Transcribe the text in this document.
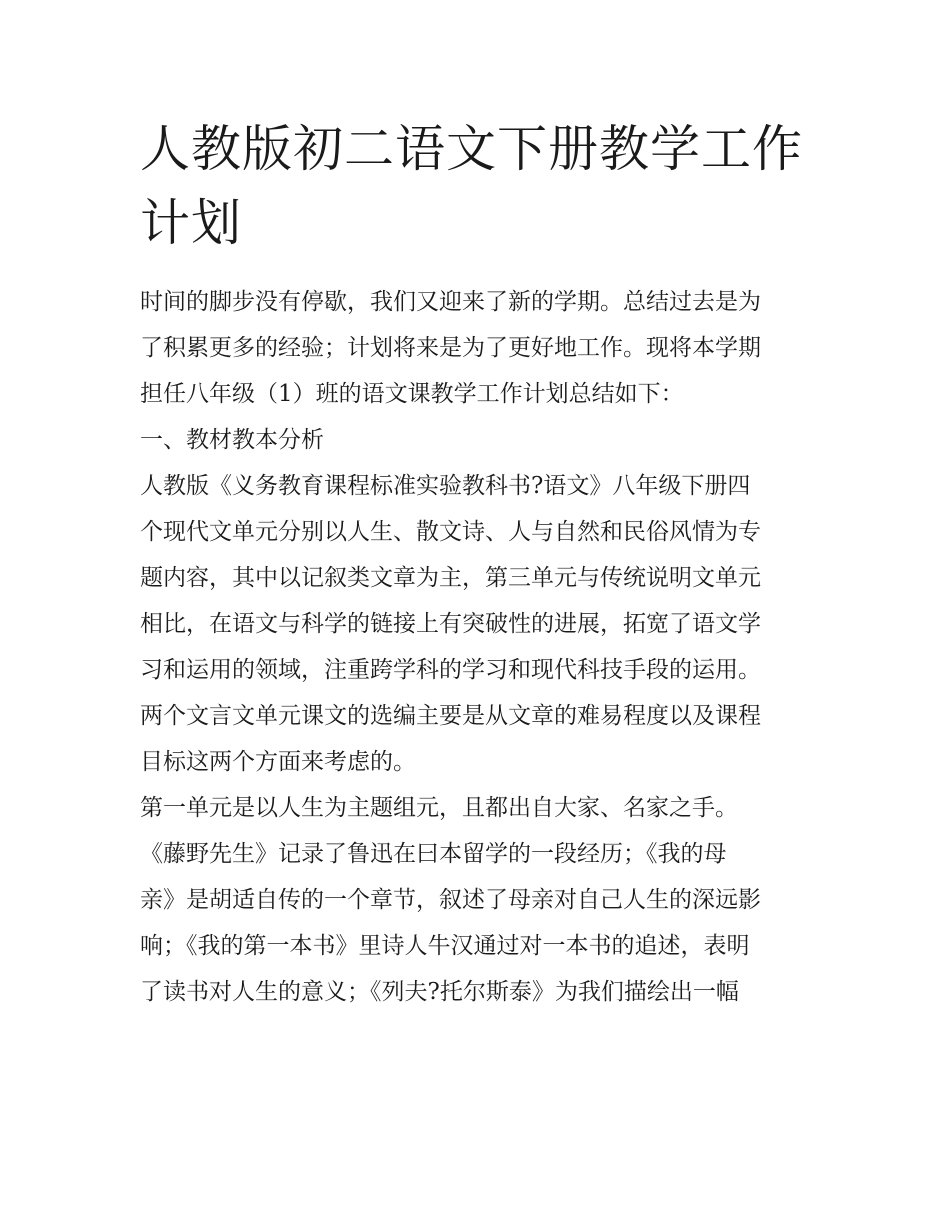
人教版初二语文下册教学工作
计划
时间的脚步没有停歇，我们又迎来了新的学期。总结过去是为
了积累更多的经验；计划将来是为了更好地工作。现将本学期
担任八年级（1）班的语文课教学工作计划总结如下：
一、教材教本分析
人教版《义务教育课程标准实验教科书?语文》八年级下册四
个现代文单元分别以人生、散文诗、人与自然和民俗风情为专
题内容，其中以记叙类文章为主，第三单元与传统说明文单元
相比，在语文与科学的链接上有突破性的进展，拓宽了语文学
习和运用的领域，注重跨学科的学习和现代科技手段的运用。
两个文言文单元课文的选编主要是从文章的难易程度以及课程
目标这两个方面来考虑的。
第一单元是以人生为主题组元，且都出自大家、名家之手。
《藤野先生》记录了鲁迅在曰本留学的一段经历；《我的母
亲》是胡适自传的一个章节，叙述了母亲对自己人生的深远影
响；《我的第一本书》里诗人牛汉通过对一本书的追述，表明
了读书对人生的意义；《列夫?托尔斯泰》为我们描绘出一幅
